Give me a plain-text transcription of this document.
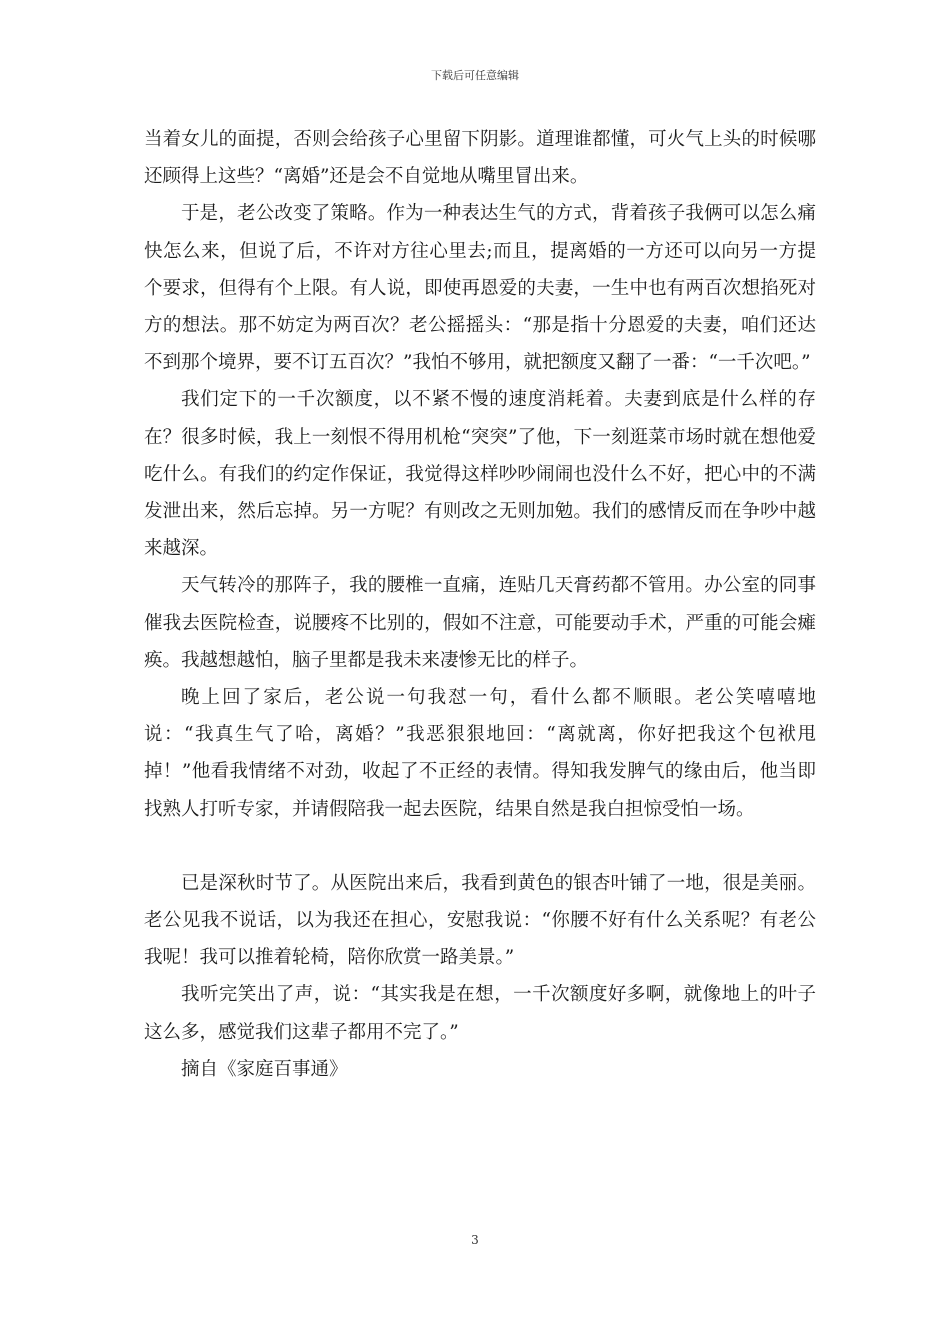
下载后可任意编辑

当着女儿的面提，否则会给孩子心里留下阴影。道理谁都懂，可火气上头的时候哪还顾得上这些？“离婚”还是会不自觉地从嘴里冒出来。

于是，老公改变了策略。作为一种表达生气的方式，背着孩子我俩可以怎么痛快怎么来，但说了后，不许对方往心里去;而且，提离婚的一方还可以向另一方提个要求，但得有个上限。有人说，即使再恩爱的夫妻，一生中也有两百次想掐死对方的想法。那不妨定为两百次？老公摇摇头：“那是指十分恩爱的夫妻，咱们还达不到那个境界，要不订五百次？”我怕不够用，就把额度又翻了一番：“一千次吧。”

我们定下的一千次额度，以不紧不慢的速度消耗着。夫妻到底是什么样的存在？很多时候，我上一刻恨不得用机枪“突突”了他，下一刻逛菜市场时就在想他爱吃什么。有我们的约定作保证，我觉得这样吵吵闹闹也没什么不好，把心中的不满发泄出来，然后忘掉。另一方呢？有则改之无则加勉。我们的感情反而在争吵中越来越深。

天气转冷的那阵子，我的腰椎一直痛，连贴几天膏药都不管用。办公室的同事催我去医院检查，说腰疼不比别的，假如不注意，可能要动手术，严重的可能会瘫痪。我越想越怕，脑子里都是我未来凄惨无比的样子。

晚上回了家后，老公说一句我怼一句，看什么都不顺眼。老公笑嘻嘻地说：“我真生气了哈，离婚？”我恶狠狠地回：“离就离，你好把我这个包袱甩掉！”他看我情绪不对劲，收起了不正经的表情。得知我发脾气的缘由后，他当即找熟人打听专家，并请假陪我一起去医院，结果自然是我白担惊受怕一场。

已是深秋时节了。从医院出来后，我看到黄色的银杏叶铺了一地，很是美丽。老公见我不说话，以为我还在担心，安慰我说：“你腰不好有什么关系呢？有老公我呢！我可以推着轮椅，陪你欣赏一路美景。”

我听完笑出了声，说：“其实我是在想，一千次额度好多啊，就像地上的叶子这么多，感觉我们这辈子都用不完了。”

摘自《家庭百事通》

3
